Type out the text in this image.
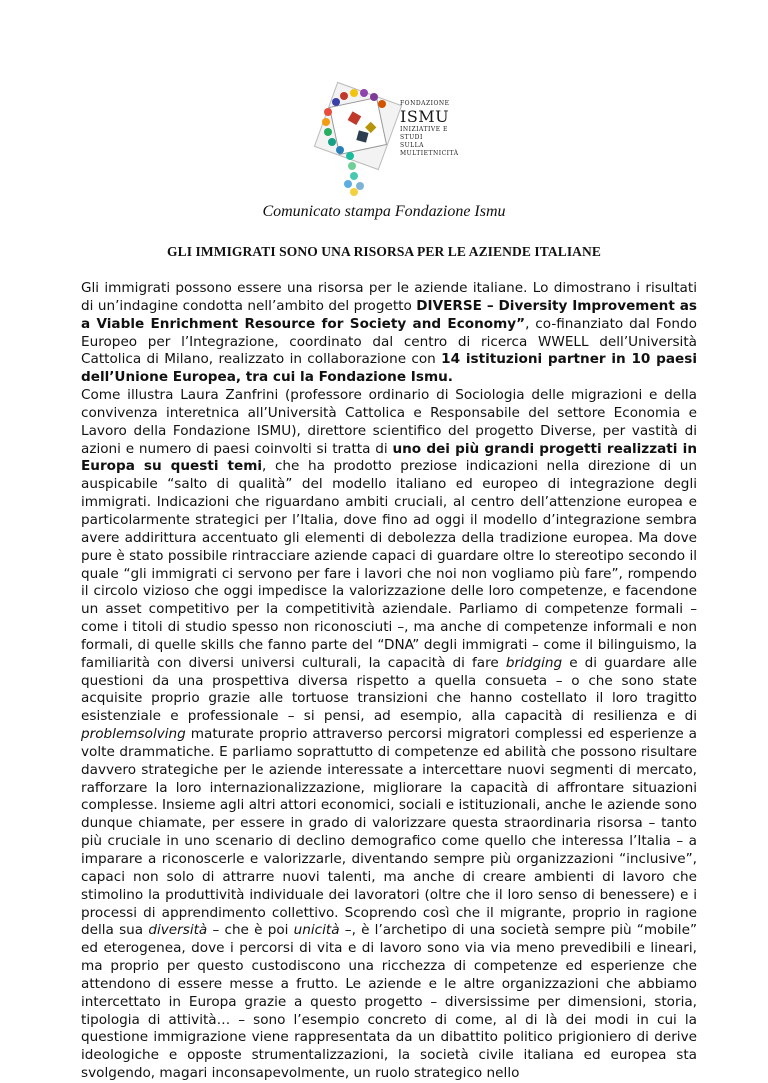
FONDAZIONE
ISMU
INIZIATIVE E STUDI
SULLA MULTIETNICITÀ
Comunicato stampa Fondazione Ismu
GLI IMMIGRATI SONO UNA RISORSA PER LE AZIENDE ITALIANE

Gli immigrati possono essere una risorsa per le aziende italiane. Lo dimostrano i risultati di un’indagine condotta nell’ambito del progetto DIVERSE – Diversity Improvement as a Viable Enrichment Resource for Society and Economy”, co-finanziato dal Fondo Europeo per l’Integrazione, coordinato dal centro di ricerca WWELL dell’Università Cattolica di Milano, realizzato in collaborazione con 14 istituzioni partner in 10 paesi dell’Unione Europea, tra cui la Fondazione Ismu.

Come illustra Laura Zanfrini (professore ordinario di Sociologia delle migrazioni e della convivenza interetnica all’Università Cattolica e Responsabile del settore Economia e Lavoro della Fondazione ISMU), direttore scientifico del progetto Diverse, per vastità di azioni e numero di paesi coinvolti si tratta di uno dei più grandi progetti realizzati in Europa su questi temi, che ha prodotto preziose indicazioni nella direzione di un auspicabile “salto di qualità” del modello italiano ed europeo di integrazione degli immigrati. Indicazioni che riguardano ambiti cruciali, al centro dell’attenzione europea e particolarmente strategici per l’Italia, dove fino ad oggi il modello d’integrazione sembra avere addirittura accentuato gli elementi di debolezza della tradizione europea. Ma dove pure è stato possibile rintracciare aziende capaci di guardare oltre lo stereotipo secondo il quale “gli immigrati ci servono per fare i lavori che noi non vogliamo più fare”, rompendo il circolo vizioso che oggi impedisce la valorizzazione delle loro competenze, e facendone un asset competitivo per la competitività aziendale. Parliamo di competenze formali – come i titoli di studio spesso non riconosciuti –, ma anche di competenze informali e non formali, di quelle skills che fanno parte del “DNA” degli immigrati – come il bilinguismo, la familiarità con diversi universi culturali, la capacità di fare bridging e di guardare alle questioni da una prospettiva diversa rispetto a quella consueta – o che sono state acquisite proprio grazie alle tortuose transizioni che hanno costellato il loro tragitto esistenziale e professionale – si pensi, ad esempio, alla capacità di resilienza e di problemsolving maturate proprio attraverso percorsi migratori complessi ed esperienze a volte drammatiche. E parliamo soprattutto di competenze ed abilità che possono risultare davvero strategiche per le aziende interessate a intercettare nuovi segmenti di mercato, rafforzare la loro internazionalizzazione, migliorare la capacità di affrontare situazioni complesse. Insieme agli altri attori economici, sociali e istituzionali, anche le aziende sono dunque chiamate, per essere in grado di valorizzare questa straordinaria risorsa – tanto più cruciale in uno scenario di declino demografico come quello che interessa l’Italia – a imparare a riconoscerle e valorizzarle, diventando sempre più organizzazioni “inclusive”, capaci non solo di attrarre nuovi talenti, ma anche di creare ambienti di lavoro che stimolino la produttività individuale dei lavoratori (oltre che il loro senso di benessere) e i processi di apprendimento collettivo. Scoprendo così che il migrante, proprio in ragione della sua diversità – che è poi unicità –, è l’archetipo di una società sempre più “mobile” ed eterogenea, dove i percorsi di vita e di lavoro sono via via meno prevedibili e lineari, ma proprio per questo custodiscono una ricchezza di competenze ed esperienze che attendono di essere messe a frutto. Le aziende e le altre organizzazioni che abbiamo intercettato in Europa grazie a questo progetto – diversissime per dimensioni, storia, tipologia di attività… – sono l’esempio concreto di come, al di là dei modi in cui la questione immigrazione viene rappresentata da un dibattito politico prigioniero di derive ideologiche e opposte strumentalizzazioni, la società civile italiana ed europea sta svolgendo, magari inconsapevolmente, un ruolo strategico nello
